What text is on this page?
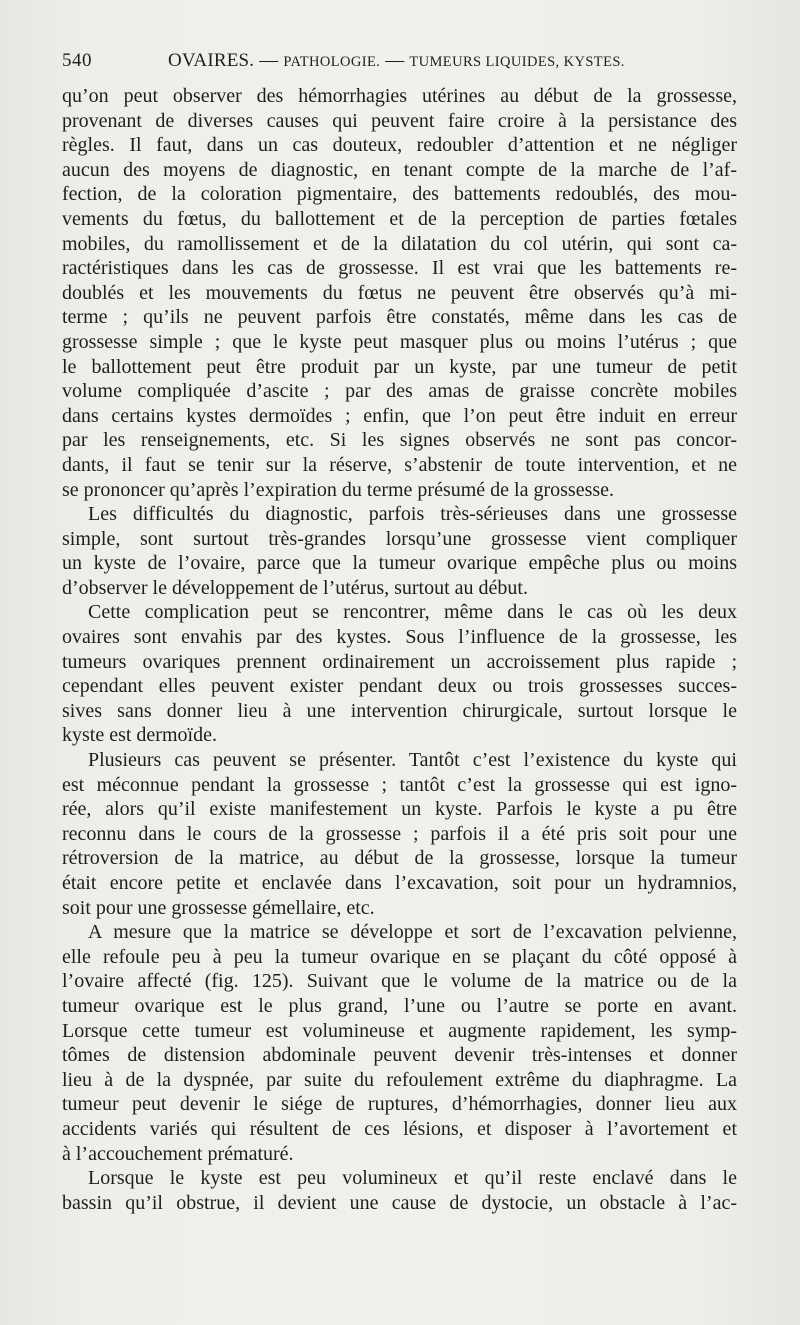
540	OVAIRES. — PATHOLOGIE. — TUMEURS LIQUIDES, KYSTES.
qu’on peut observer des hémorrhagies utérines au début de la grossesse,
provenant de diverses causes qui peuvent faire croire à la persistance des
règles. Il faut, dans un cas douteux, redoubler d’attention et ne négliger
aucun des moyens de diagnostic, en tenant compte de la marche de l’af-
fection, de la coloration pigmentaire, des battements redoublés, des mou-
vements du fœtus, du ballottement et de la perception de parties fœtales
mobiles, du ramollissement et de la dilatation du col utérin, qui sont ca-
ractéristiques dans les cas de grossesse. Il est vrai que les battements re-
doublés et les mouvements du fœtus ne peuvent être observés qu’à mi-
terme ; qu’ils ne peuvent parfois être constatés, même dans les cas de
grossesse simple ; que le kyste peut masquer plus ou moins l’utérus ; que
le ballottement peut être produit par un kyste, par une tumeur de petit
volume compliquée d’ascite ; par des amas de graisse concrète mobiles
dans certains kystes dermoïdes ; enfin, que l’on peut être induit en erreur
par les renseignements, etc. Si les signes observés ne sont pas concor-
dants, il faut se tenir sur la réserve, s’abstenir de toute intervention, et ne
se prononcer qu’après l’expiration du terme présumé de la grossesse.
Les difficultés du diagnostic, parfois très-sérieuses dans une grossesse
simple, sont surtout très-grandes lorsqu’une grossesse vient compliquer
un kyste de l’ovaire, parce que la tumeur ovarique empêche plus ou moins
d’observer le développement de l’utérus, surtout au début.
Cette complication peut se rencontrer, même dans le cas où les deux
ovaires sont envahis par des kystes. Sous l’influence de la grossesse, les
tumeurs ovariques prennent ordinairement un accroissement plus rapide ;
cependant elles peuvent exister pendant deux ou trois grossesses succes-
sives sans donner lieu à une intervention chirurgicale, surtout lorsque le
kyste est dermoïde.
Plusieurs cas peuvent se présenter. Tantôt c’est l’existence du kyste qui
est méconnue pendant la grossesse ; tantôt c’est la grossesse qui est igno-
rée, alors qu’il existe manifestement un kyste. Parfois le kyste a pu être
reconnu dans le cours de la grossesse ; parfois il a été pris soit pour une
rétroversion de la matrice, au début de la grossesse, lorsque la tumeur
était encore petite et enclavée dans l’excavation, soit pour un hydramnios,
soit pour une grossesse gémellaire, etc.
A mesure que la matrice se développe et sort de l’excavation pelvienne,
elle refoule peu à peu la tumeur ovarique en se plaçant du côté opposé à
l’ovaire affecté (fig. 125). Suivant que le volume de la matrice ou de la
tumeur ovarique est le plus grand, l’une ou l’autre se porte en avant.
Lorsque cette tumeur est volumineuse et augmente rapidement, les symp-
tômes de distension abdominale peuvent devenir très-intenses et donner
lieu à de la dyspnée, par suite du refoulement extrême du diaphragme. La
tumeur peut devenir le siége de ruptures, d’hémorrhagies, donner lieu aux
accidents variés qui résultent de ces lésions, et disposer à l’avortement et
à l’accouchement prématuré.
Lorsque le kyste est peu volumineux et qu’il reste enclavé dans le
bassin qu’il obstrue, il devient une cause de dystocie, un obstacle à l’ac-
